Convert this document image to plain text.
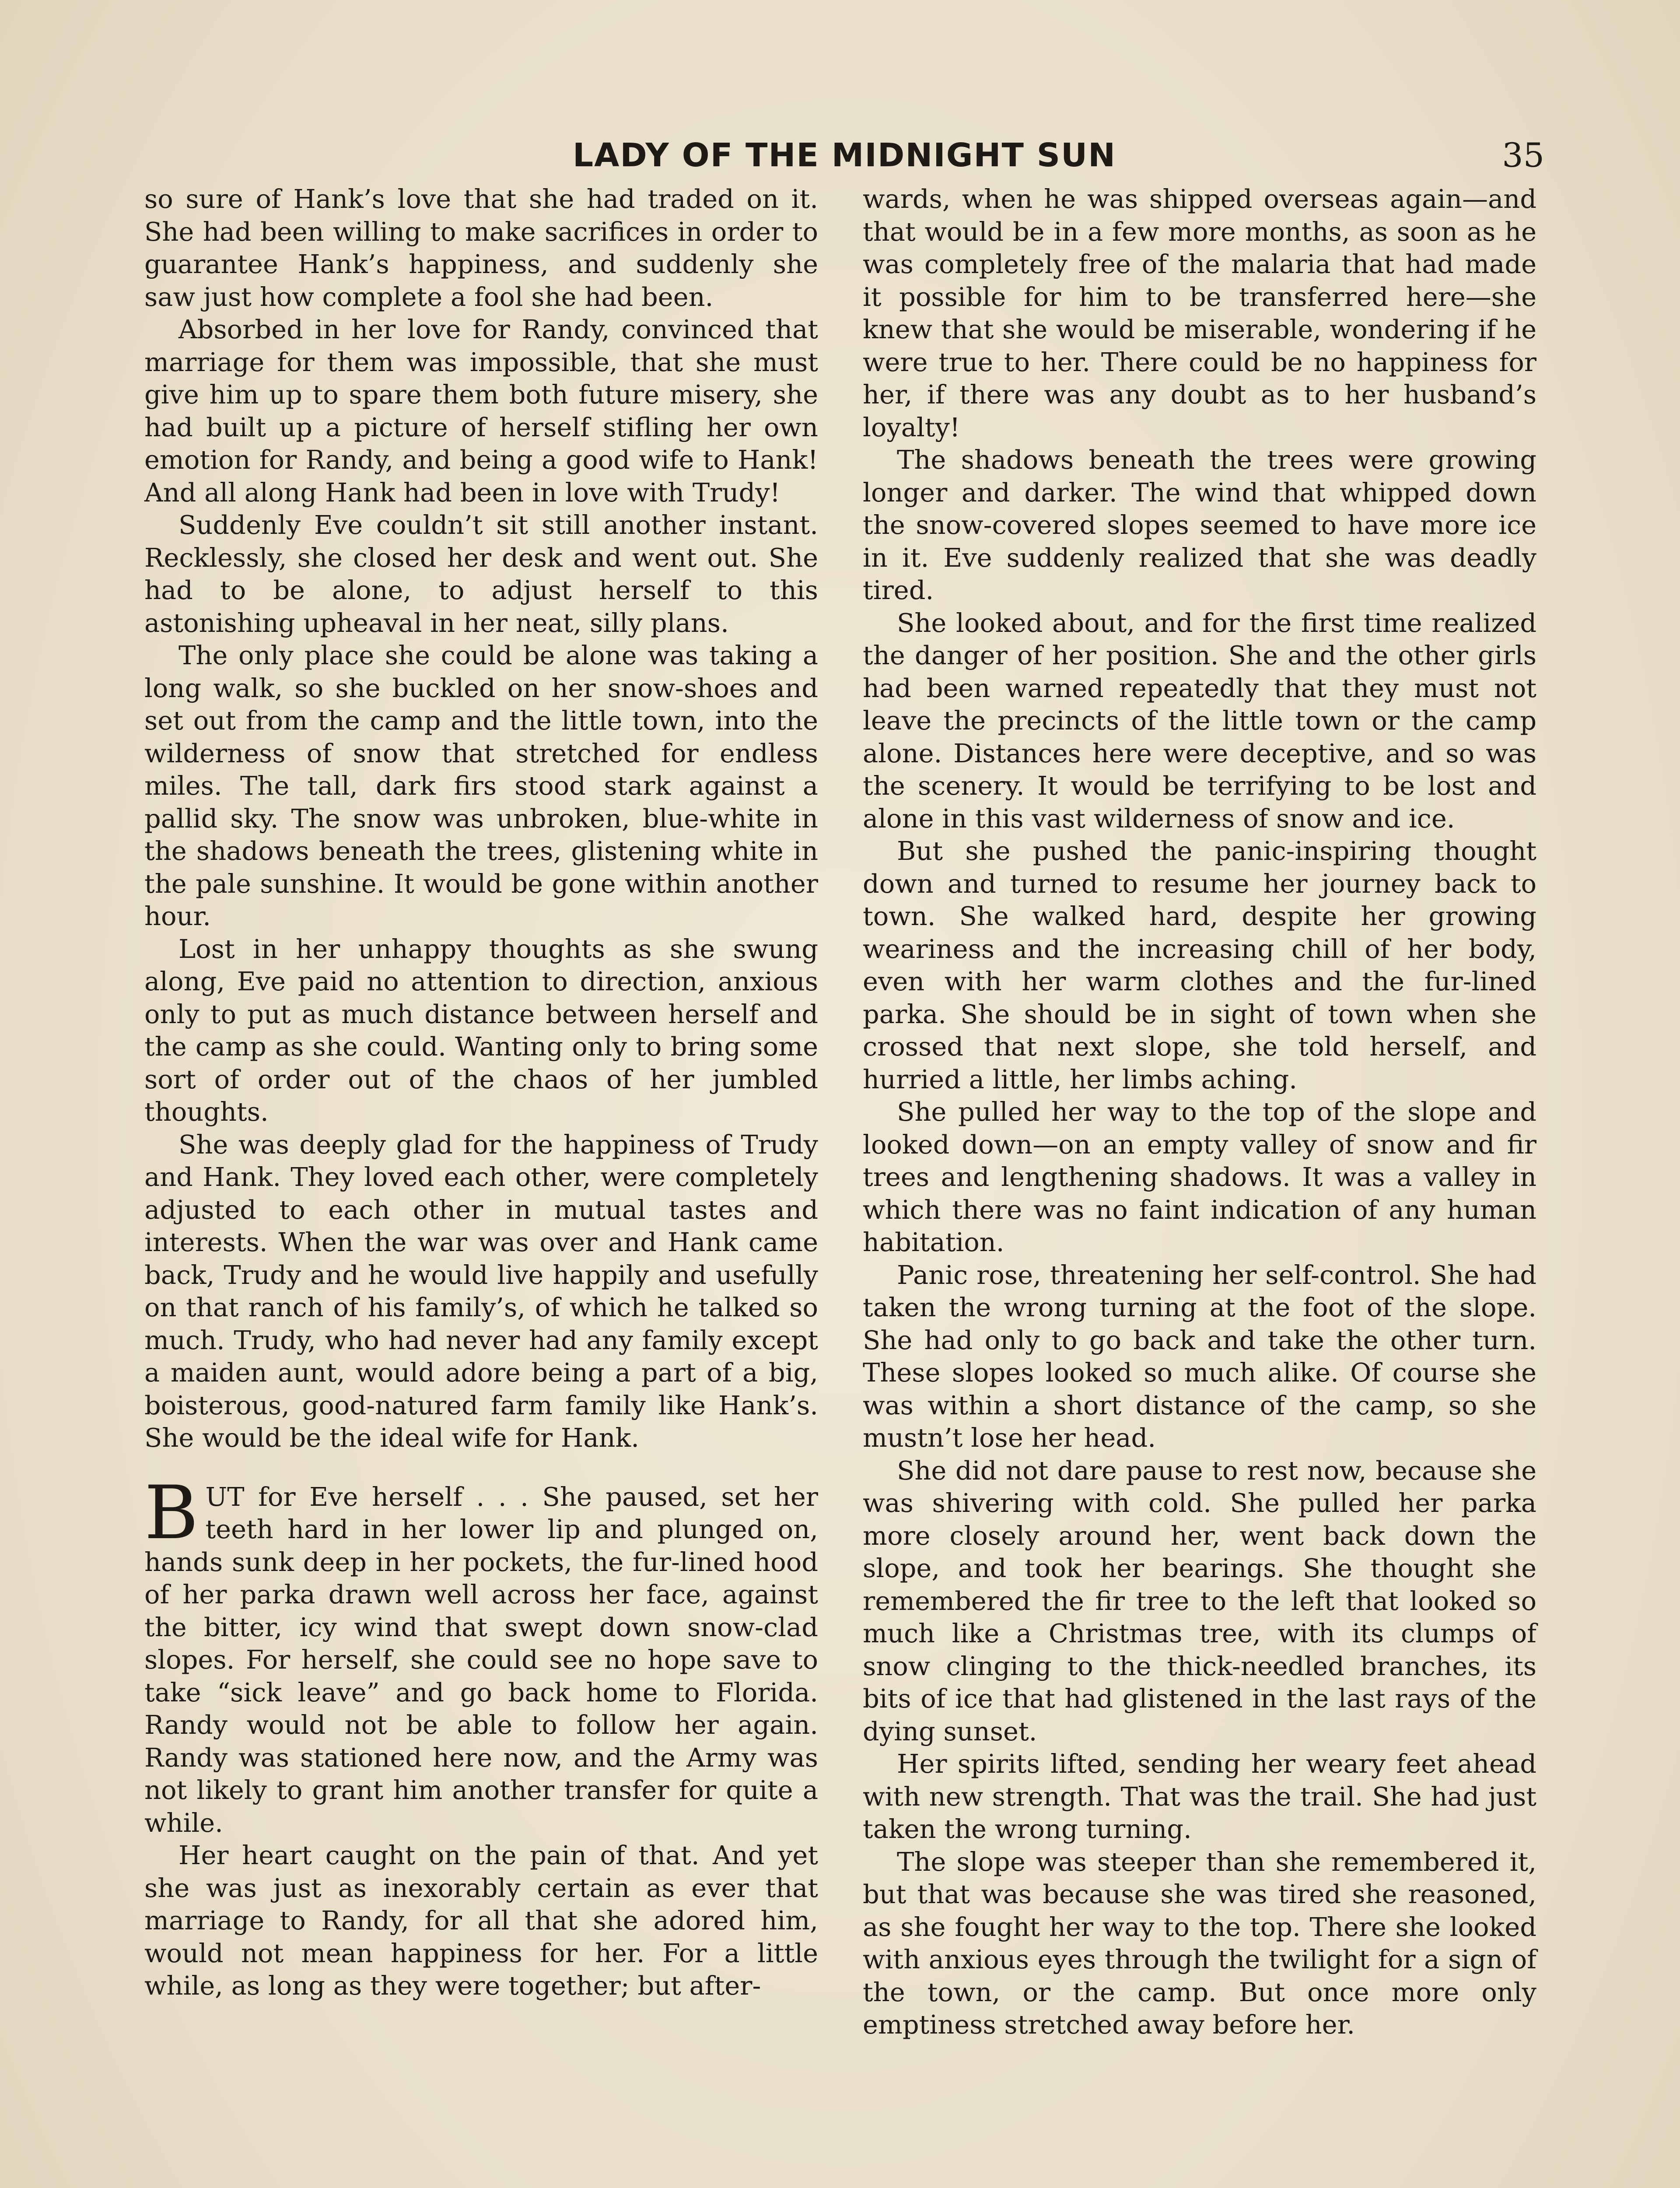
LADY OF THE MIDNIGHT SUN	35

so sure of Hank’s love that she had traded on it. She had been willing to make sacrifices in order to guarantee Hank’s happiness, and suddenly she saw just how complete a fool she had been.

Absorbed in her love for Randy, convinced that marriage for them was impossible, that she must give him up to spare them both future misery, she had built up a picture of herself stifling her own emotion for Randy, and being a good wife to Hank! And all along Hank had been in love with Trudy!

Suddenly Eve couldn’t sit still another instant. Recklessly, she closed her desk and went out. She had to be alone, to adjust herself to this astonishing upheaval in her neat, silly plans.

The only place she could be alone was taking a long walk, so she buckled on her snow-shoes and set out from the camp and the little town, into the wilderness of snow that stretched for endless miles. The tall, dark firs stood stark against a pallid sky. The snow was unbroken, blue-white in the shadows beneath the trees, glistening white in the pale sunshine. It would be gone within another hour.

Lost in her unhappy thoughts as she swung along, Eve paid no attention to direction, anxious only to put as much distance between herself and the camp as she could. Wanting only to bring some sort of order out of the chaos of her jumbled thoughts.

She was deeply glad for the happiness of Trudy and Hank. They loved each other, were completely adjusted to each other in mutual tastes and interests. When the war was over and Hank came back, Trudy and he would live happily and usefully on that ranch of his family’s, of which he talked so much. Trudy, who had never had any family except a maiden aunt, would adore being a part of a big, boisterous, good-natured farm family like Hank’s. She would be the ideal wife for Hank.

BUT for Eve herself . . . She paused, set her teeth hard in her lower lip and plunged on, hands sunk deep in her pockets, the fur-lined hood of her parka drawn well across her face, against the bitter, icy wind that swept down snow-clad slopes. For herself, she could see no hope save to take “sick leave” and go back home to Florida. Randy would not be able to follow her again. Randy was stationed here now, and the Army was not likely to grant him another transfer for quite a while.

Her heart caught on the pain of that. And yet she was just as inexorably certain as ever that marriage to Randy, for all that she adored him, would not mean happiness for her. For a little while, as long as they were together; but after-

wards, when he was shipped overseas again—and that would be in a few more months, as soon as he was completely free of the malaria that had made it possible for him to be transferred here—she knew that she would be miserable, wondering if he were true to her. There could be no happiness for her, if there was any doubt as to her husband’s loyalty!

The shadows beneath the trees were growing longer and darker. The wind that whipped down the snow-covered slopes seemed to have more ice in it. Eve suddenly realized that she was deadly tired.

She looked about, and for the first time realized the danger of her position. She and the other girls had been warned repeatedly that they must not leave the precincts of the little town or the camp alone. Distances here were deceptive, and so was the scenery. It would be terrifying to be lost and alone in this vast wilderness of snow and ice.

But she pushed the panic-inspiring thought down and turned to resume her journey back to town. She walked hard, despite her growing weariness and the increasing chill of her body, even with her warm clothes and the fur-lined parka. She should be in sight of town when she crossed that next slope, she told herself, and hurried a little, her limbs aching.

She pulled her way to the top of the slope and looked down—on an empty valley of snow and fir trees and lengthening shadows. It was a valley in which there was no faint indication of any human habitation.

Panic rose, threatening her self-control. She had taken the wrong turning at the foot of the slope. She had only to go back and take the other turn. These slopes looked so much alike. Of course she was within a short distance of the camp, so she mustn’t lose her head.

She did not dare pause to rest now, because she was shivering with cold. She pulled her parka more closely around her, went back down the slope, and took her bearings. She thought she remembered the fir tree to the left that looked so much like a Christmas tree, with its clumps of snow clinging to the thick-needled branches, its bits of ice that had glistened in the last rays of the dying sunset.

Her spirits lifted, sending her weary feet ahead with new strength. That was the trail. She had just taken the wrong turning.

The slope was steeper than she remembered it, but that was because she was tired she reasoned, as she fought her way to the top. There she looked with anxious eyes through the twilight for a sign of the town, or the camp. But once more only emptiness stretched away before her.
